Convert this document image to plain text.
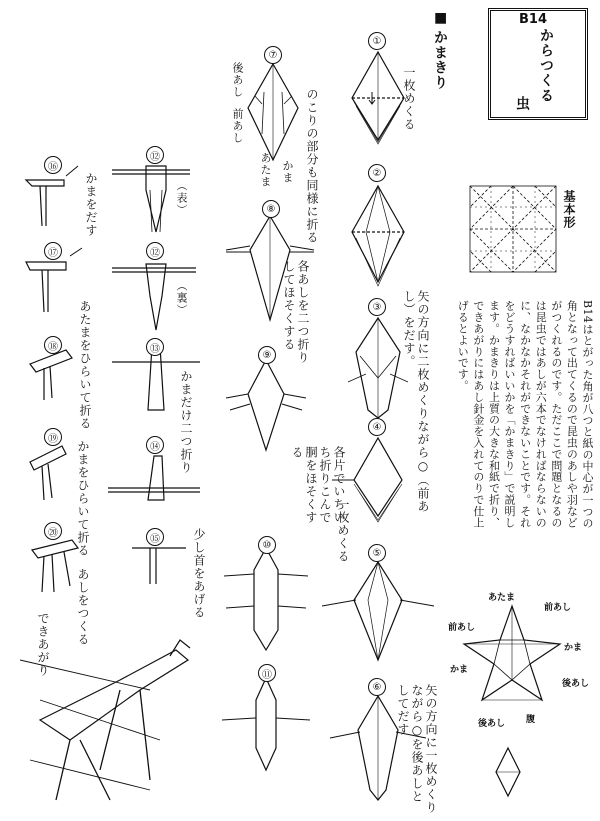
B14
からつくる
虫
■
かまきり
基本形
B14はとがった角が八つと紙の中心が一つの角となって出てくるので昆虫のあしや羽などがつくれるのです。ただここで問題となるのは昆虫ではあしが六本でなければならないのに、なかなかそれができないことです。それをどうすればいいかを「かまきり」で説明します。かまきりは上質の大きな和紙で折り、できあがりにはあし針金を入れてのりで仕上げるとよいです。
あたま
前あし
前あし
かま
かま
後あし
腹
後あし
①
一枚めくる
②
矢の方向に二枚めくりながら○（前あし）をだす。
③
④
一枚めくる	⑤
⑥	矢の方向に一枚めくりながら○を後あしとしてだす
⑦
のこりの部分も同様に折る
後あし
前あし
かま
あたま
⑧
各あしを二つ折りしてほそくする
⑨
各片でいちいち折りこんで胴をほそくする
⑩
⑪
⑫
（表）
⑫
（裏）
⑬
かまだけ二つ折り
⑭
⑮	少し首をあげる
⑯
かまをだす
⑰
あたまをひらいて折る
⑱
⑲
かまをひらいて折る
⑳
あしをつくる
できあがり
